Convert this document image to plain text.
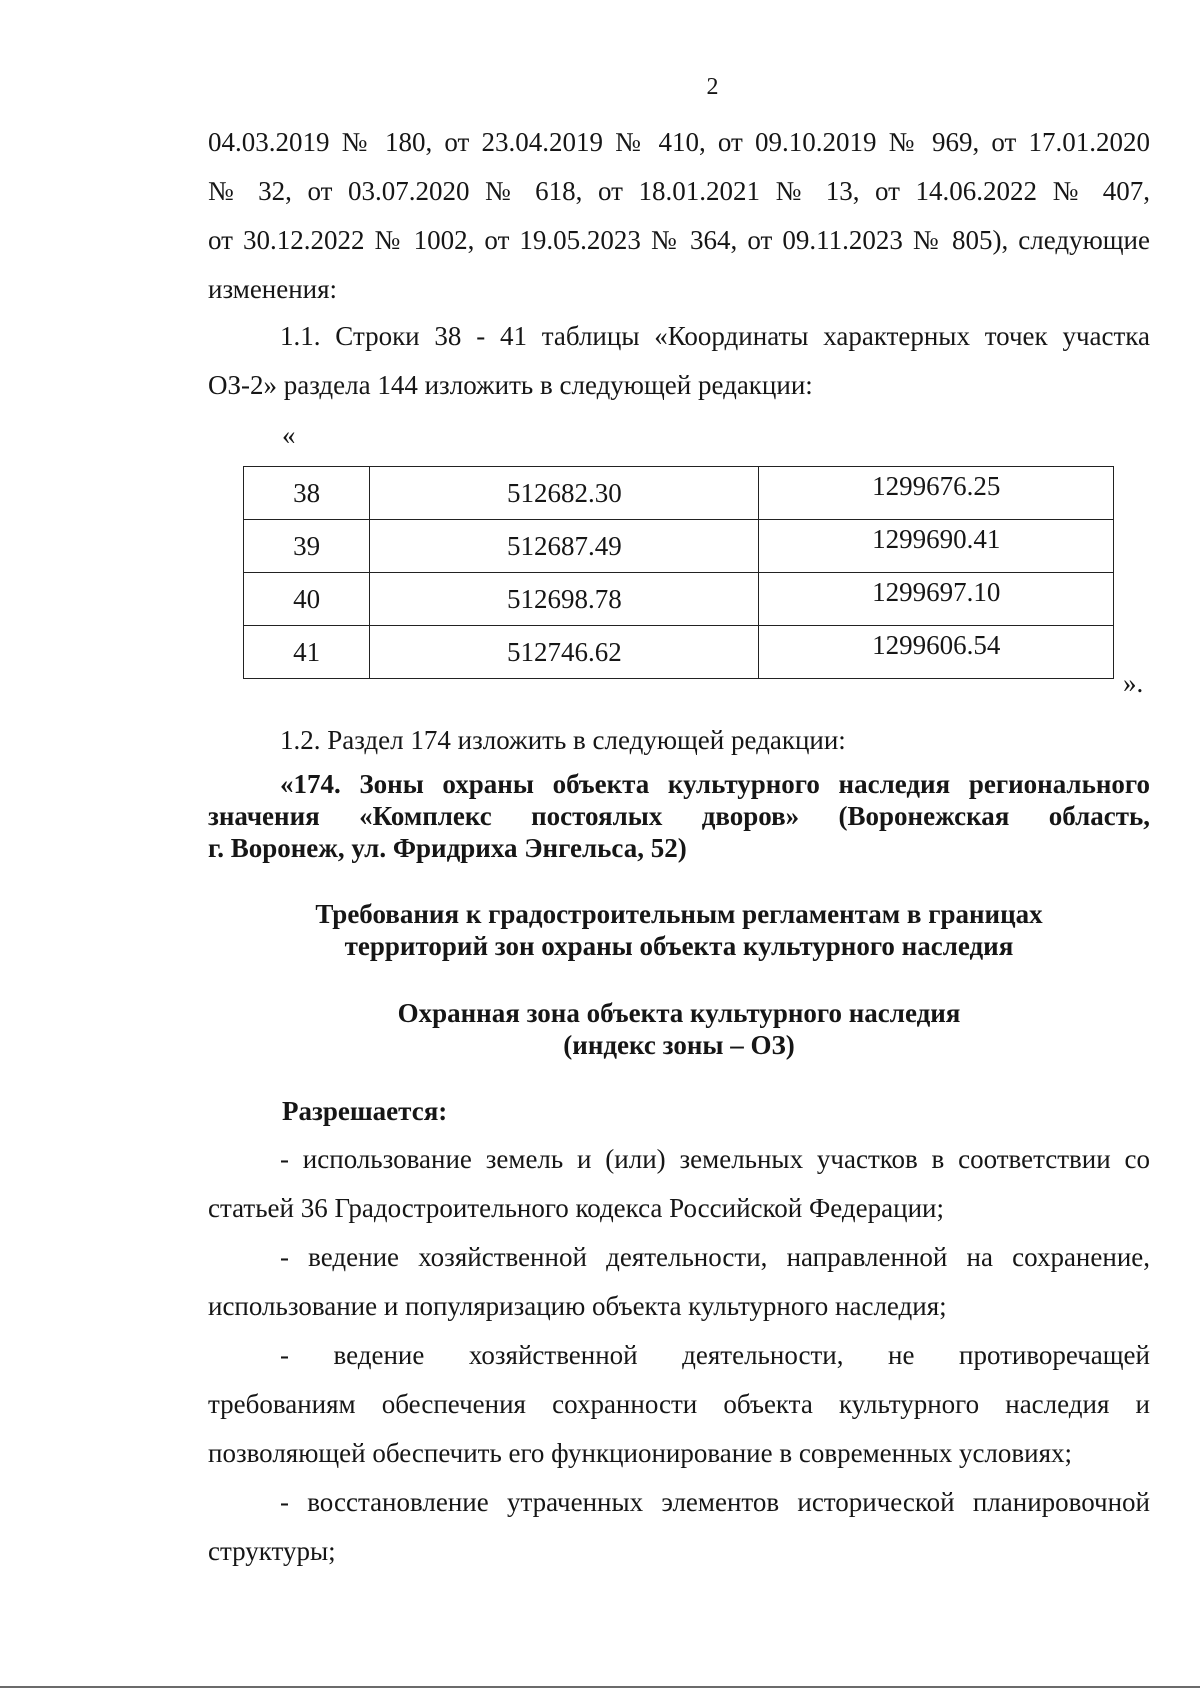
2
04.03.2019 № 180, от 23.04.2019 № 410, от 09.10.2019 № 969, от 17.01.2020
№ 32, от 03.07.2020 № 618, от 18.01.2021 № 13, от 14.06.2022 № 407,
от 30.12.2022 № 1002, от 19.05.2023 № 364, от 09.11.2023 № 805), следующие
изменения:
1.1. Строки 38 - 41 таблицы «Координаты характерных точек участка
ОЗ-2» раздела 144 изложить в следующей редакции:
«
38	512682.30	1299676.25
39	512687.49	1299690.41
40	512698.78	1299697.10
41	512746.62	1299606.54
».
1.2. Раздел 174 изложить в следующей редакции:
«174. Зоны охраны объекта культурного наследия регионального
значения «Комплекс постоялых дворов» (Воронежская область,
г. Воронеж, ул. Фридриха Энгельса, 52)
Требования к градостроительным регламентам в границах
территорий зон охраны объекта культурного наследия
Охранная зона объекта культурного наследия
(индекс зоны – ОЗ)
Разрешается:
- использование земель и (или) земельных участков в соответствии со
статьей 36 Градостроительного кодекса Российской Федерации;
- ведение хозяйственной деятельности, направленной на сохранение,
использование и популяризацию объекта культурного наследия;
- ведение хозяйственной деятельности, не противоречащей
требованиям обеспечения сохранности объекта культурного наследия и
позволяющей обеспечить его функционирование в современных условиях;
- восстановление утраченных элементов исторической планировочной
структуры;
